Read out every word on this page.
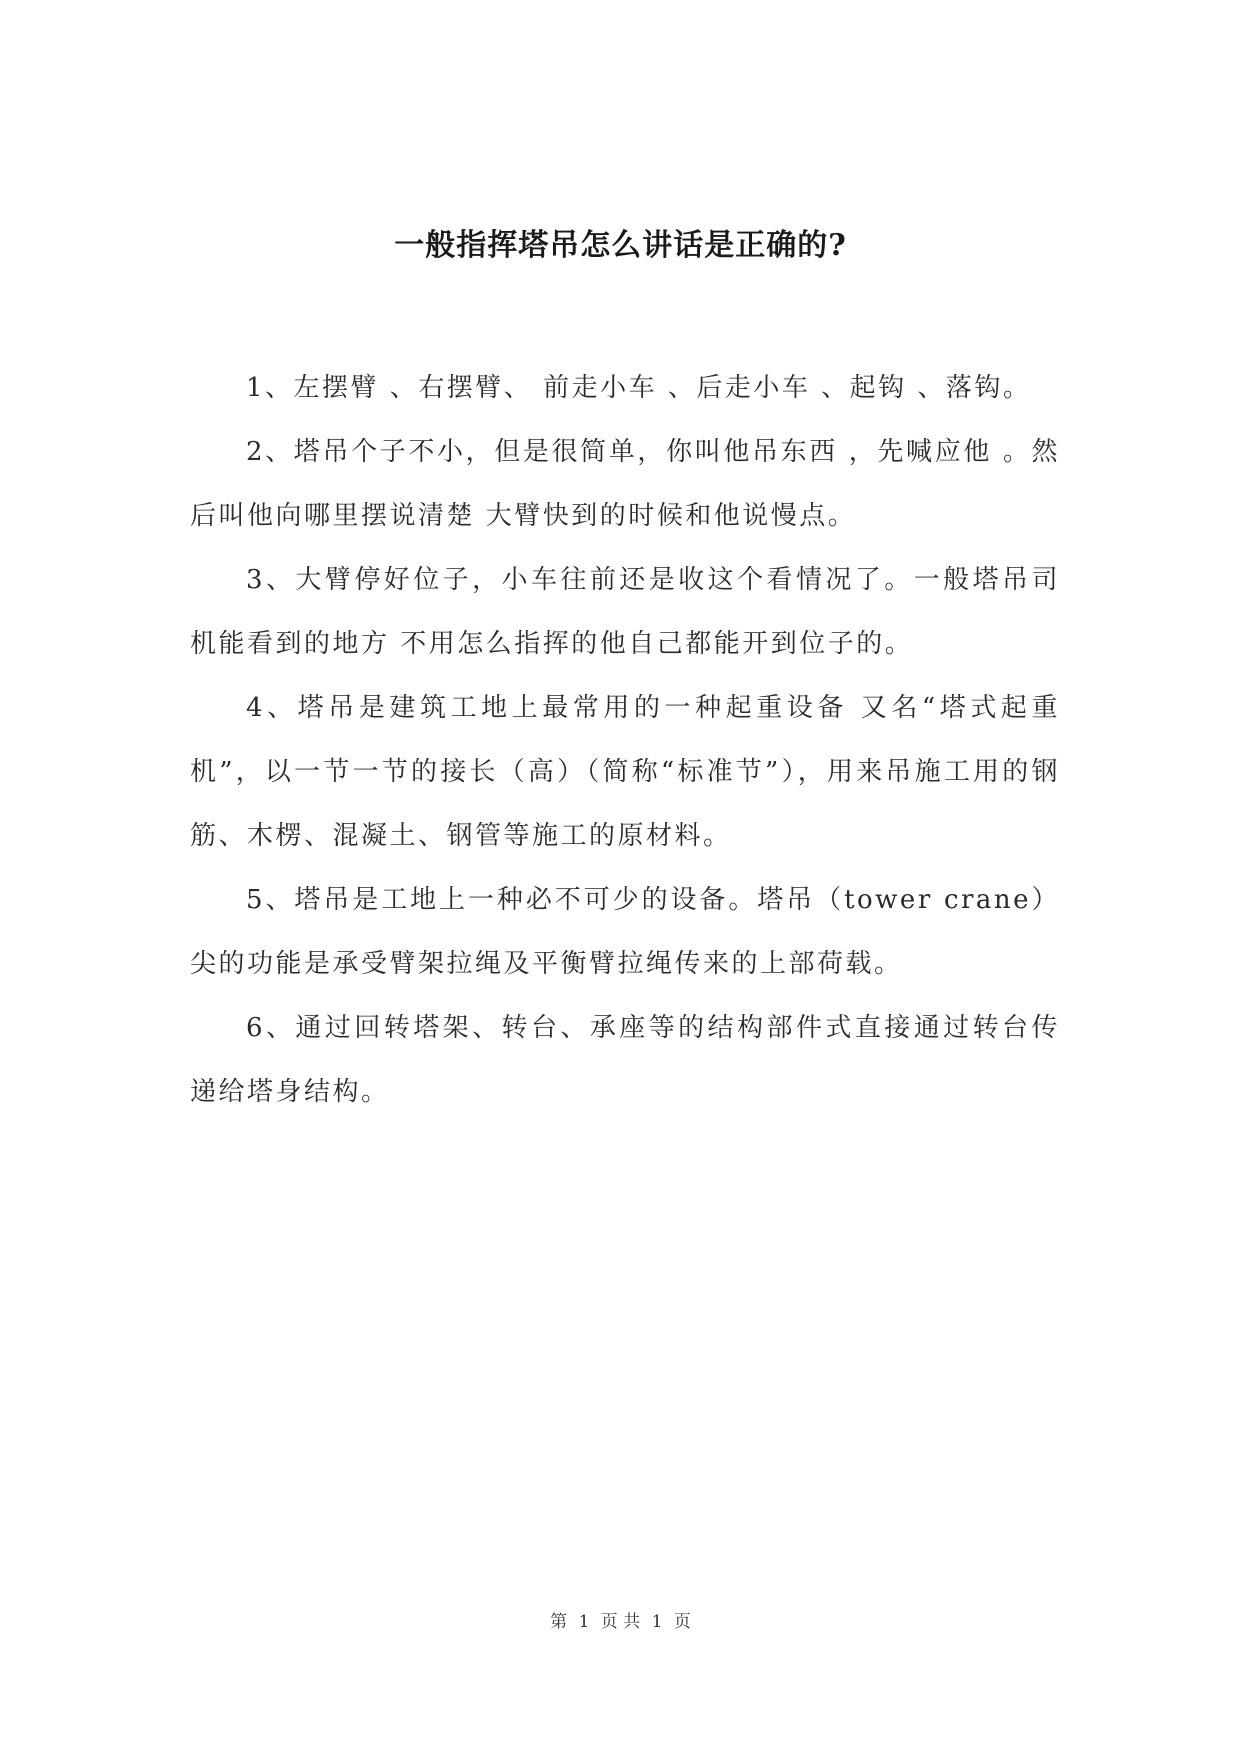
一般指挥塔吊怎么讲话是正确的?

1、左摆臂 、右摆臂、 前走小车 、后走小车 、起钩 、落钩。

2、塔吊个子不小，但是很简单，你叫他吊东西 ，先喊应他 。然后叫他向哪里摆说清楚 大臂快到的时候和他说慢点。

3、大臂停好位子，小车往前还是收这个看情况了。一般塔吊司机能看到的地方 不用怎么指挥的他自己都能开到位子的。

4、塔吊是建筑工地上最常用的一种起重设备 又名“塔式起重机”，以一节一节的接长（高）（简称“标准节”），用来吊施工用的钢筋、木楞、混凝土、钢管等施工的原材料。

5、塔吊是工地上一种必不可少的设备。塔吊（tower crane）尖的功能是承受臂架拉绳及平衡臂拉绳传来的上部荷载。

6、通过回转塔架、转台、承座等的结构部件式直接通过转台传递给塔身结构。

第 1 页 共 1 页
